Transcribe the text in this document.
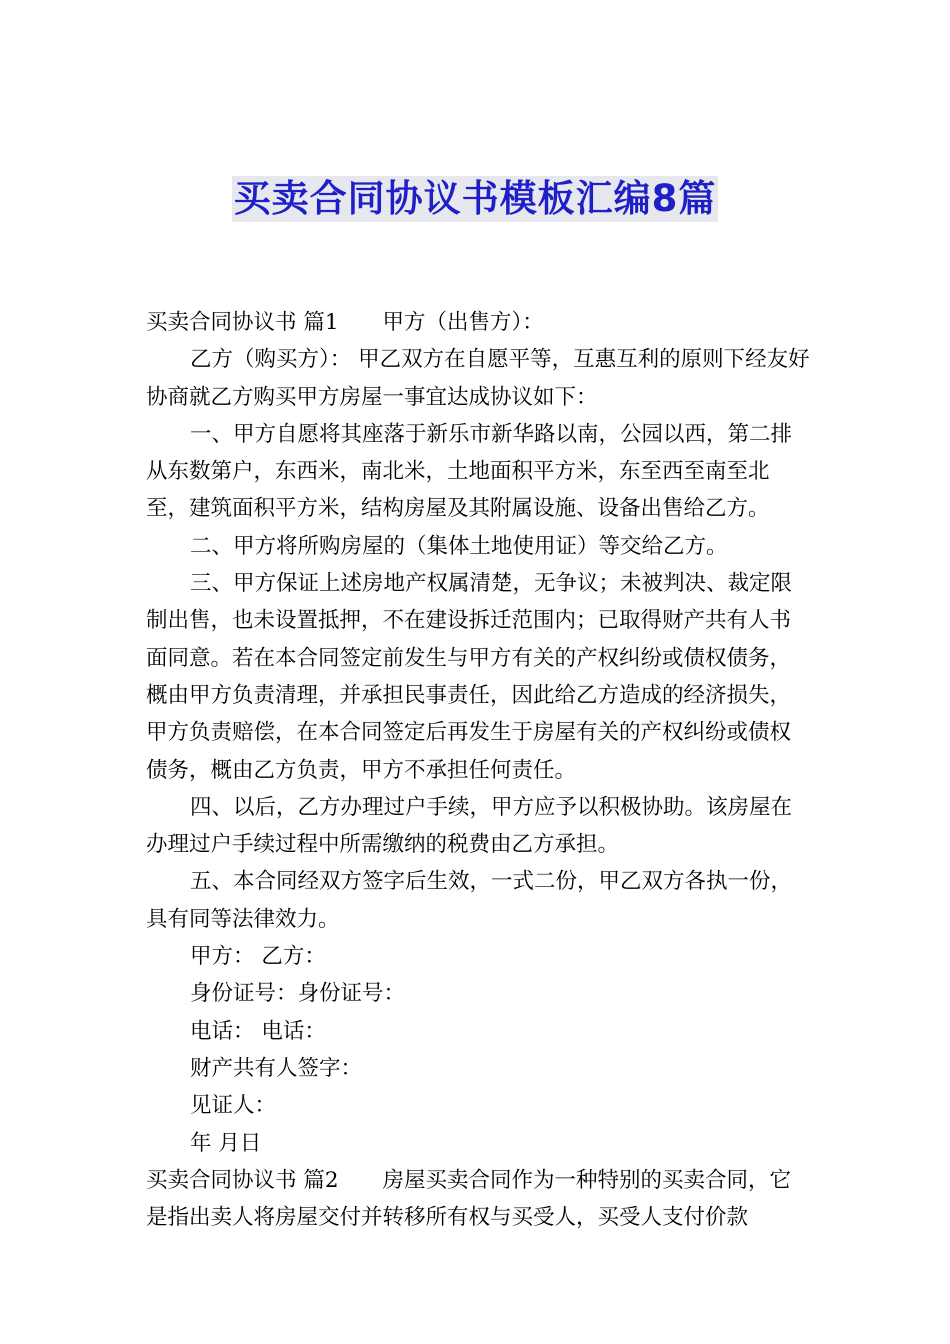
买卖合同协议书模板汇编8篇

买卖合同协议书 篇1 甲方（出售方）：

乙方（购买方）： 甲乙双方在自愿平等，互惠互利的原则下经友好协商就乙方购买甲方房屋一事宜达成协议如下：

一、甲方自愿将其座落于新乐市新华路以南，公园以西，第二排从东数第户，东西米，南北米，土地面积平方米，东至西至南至北至，建筑面积平方米，结构房屋及其附属设施、设备出售给乙方。

二、甲方将所购房屋的（集体土地使用证）等交给乙方。

三、甲方保证上述房地产权属清楚，无争议；未被判决、裁定限制出售，也未设置抵押，不在建设拆迁范围内；已取得财产共有人书面同意。若在本合同签定前发生与甲方有关的产权纠纷或债权债务，概由甲方负责清理，并承担民事责任，因此给乙方造成的经济损失，甲方负责赔偿，在本合同签定后再发生于房屋有关的产权纠纷或债权债务，概由乙方负责，甲方不承担任何责任。

四、以后，乙方办理过户手续，甲方应予以积极协助。该房屋在办理过户手续过程中所需缴纳的税费由乙方承担。

五、本合同经双方签字后生效，一式二份，甲乙双方各执一份，具有同等法律效力。

甲方： 乙方：

身份证号：身份证号：

电话： 电话：

财产共有人签字：

见证人：

年 月日

买卖合同协议书 篇2 房屋买卖合同作为一种特别的买卖合同，它是指出卖人将房屋交付并转移所有权与买受人，买受人支付价款
